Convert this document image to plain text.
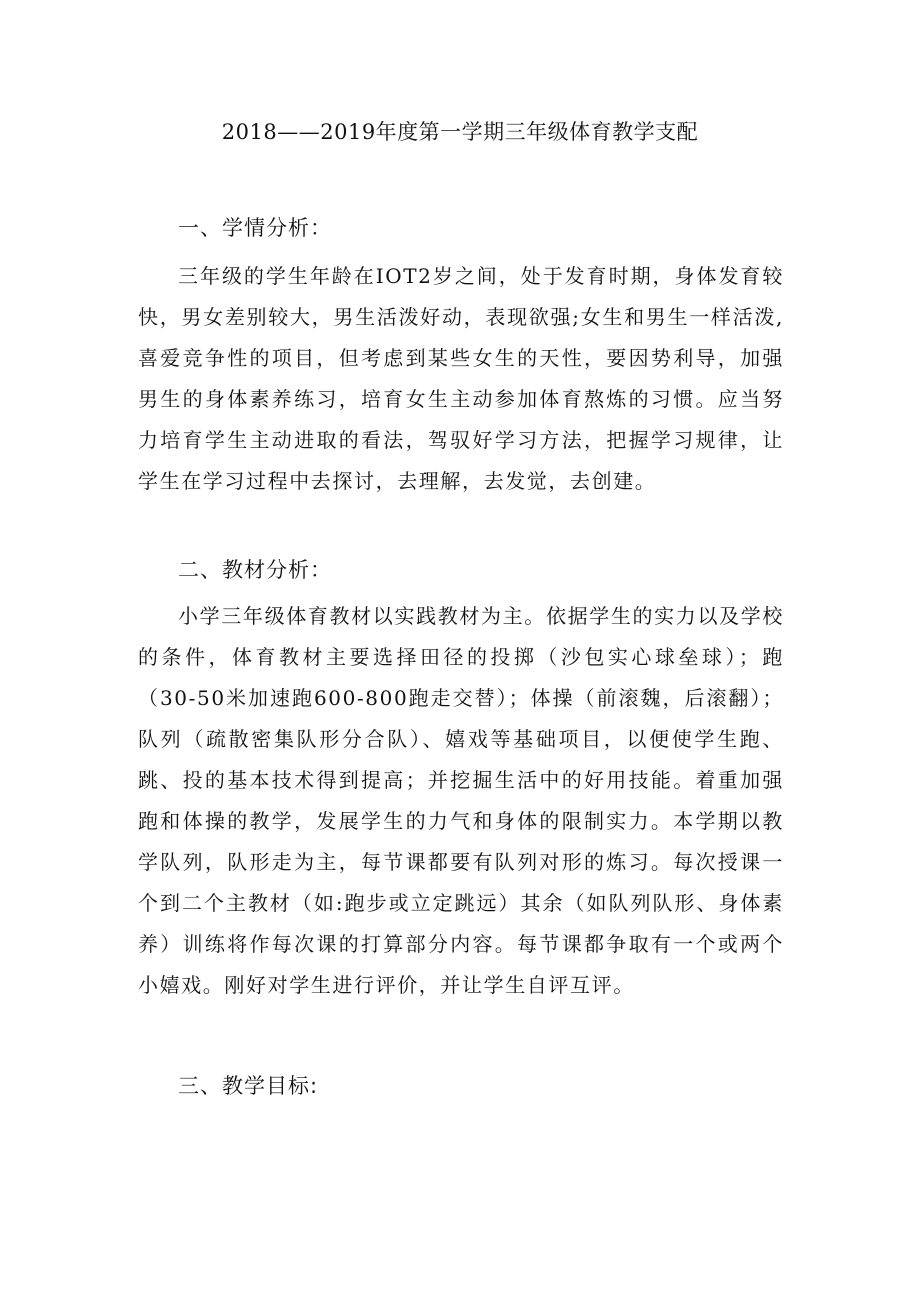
2018——2019年度第一学期三年级体育教学支配
一、学情分析：

三年级的学生年龄在IOT2岁之间，处于发育时期，身体发育较快，男女差别较大，男生活泼好动，表现欲强;女生和男生一样活泼,喜爱竞争性的项目，但考虑到某些女生的天性，要因势利导，加强男生的身体素养练习，培育女生主动参加体育熬炼的习惯。应当努力培育学生主动进取的看法，驾驭好学习方法，把握学习规律，让学生在学习过程中去探讨，去理解，去发觉，去创建。

二、教材分析：

小学三年级体育教材以实践教材为主。依据学生的实力以及学校的条件，体育教材主要选择田径的投掷（沙包实心球垒球）；跑（30-50米加速跑600-800跑走交替）；体操（前滚魏，后滚翻）；队列（疏散密集队形分合队）、嬉戏等基础项目，以便使学生跑、跳、投的基本技术得到提高；并挖掘生活中的好用技能。着重加强跑和体操的教学，发展学生的力气和身体的限制实力。本学期以教学队列，队形走为主，每节课都要有队列对形的炼习。每次授课一个到二个主教材（如:跑步或立定跳远）其余（如队列队形、身体素养）训练将作每次课的打算部分内容。每节课都争取有一个或两个小嬉戏。刚好对学生进行评价，并让学生自评互评。

三、教学目标:
